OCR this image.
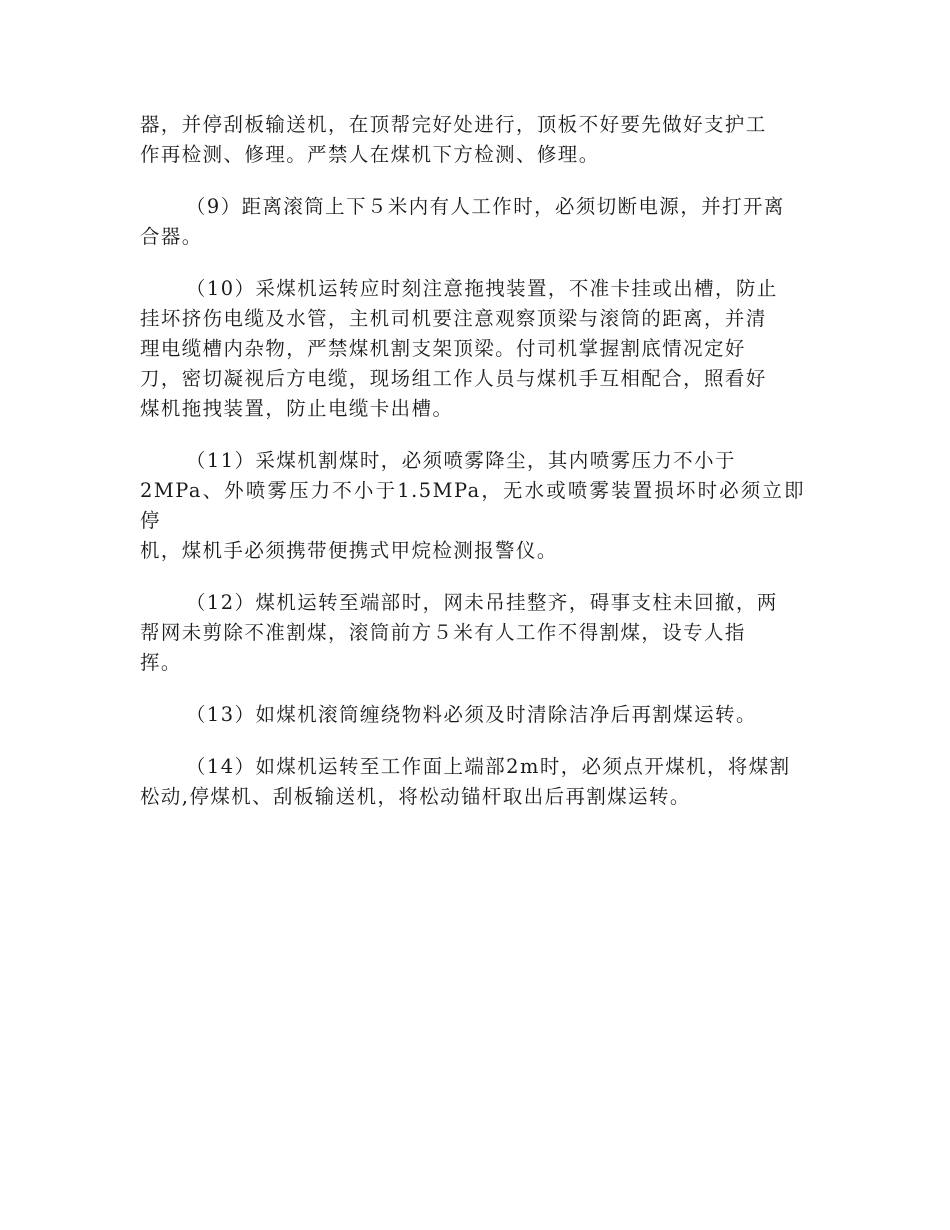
器，并停刮板输送机，在顶帮完好处进行，顶板不好要先做好支护工
作再检测、修理。严禁人在煤机下方检测、修理。

（9）距离滚筒上下５米内有人工作时，必须切断电源，并打开离
合器。

（10）采煤机运转应时刻注意拖拽装置，不准卡挂或出槽，防止
挂坏挤伤电缆及水管，主机司机要注意观察顶梁与滚筒的距离，并清
理电缆槽内杂物，严禁煤机割支架顶梁。付司机掌握割底情况定好
刀，密切凝视后方电缆，现场组工作人员与煤机手互相配合，照看好
煤机拖拽装置，防止电缆卡出槽。

（11）采煤机割煤时，必须喷雾降尘，其内喷雾压力不小于
2MPa、外喷雾压力不小于1.5MPa，无水或喷雾装置损坏时必须立即停
机，煤机手必须携带便携式甲烷检测报警仪。

（12）煤机运转至端部时，网未吊挂整齐，碍事支柱未回撤，两
帮网未剪除不准割煤，滚筒前方５米有人工作不得割煤，设专人指
挥。

（13）如煤机滚筒缠绕物料必须及时清除洁净后再割煤运转。

（14）如煤机运转至工作面上端部2m时，必须点开煤机，将煤割
松动,停煤机、刮板输送机，将松动锚杆取出后再割煤运转。
